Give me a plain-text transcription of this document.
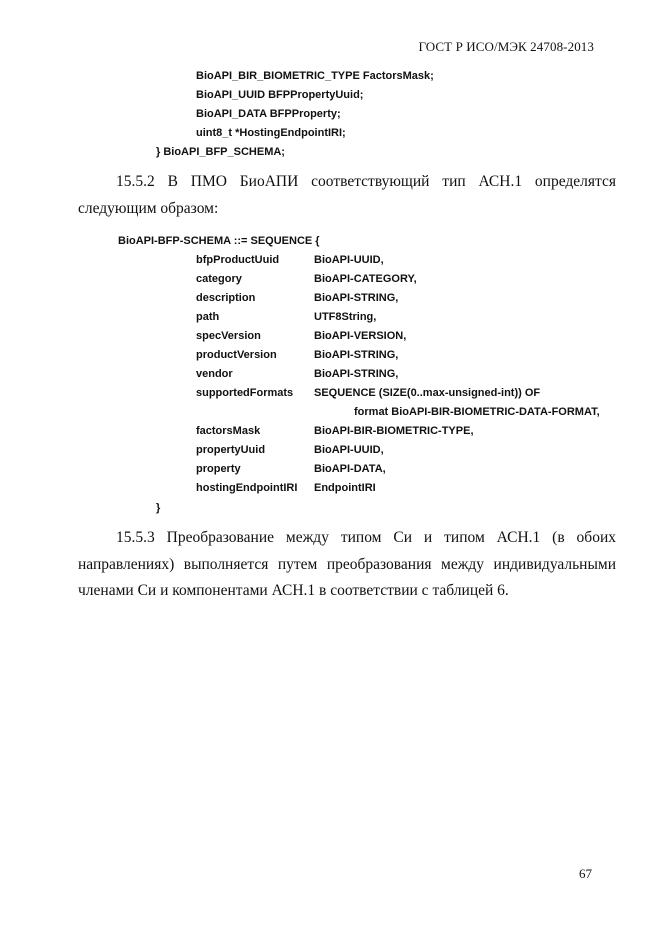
ГОСТ Р ИСО/МЭК 24708-2013
BioAPI_BIR_BIOMETRIC_TYPE FactorsMask;
BioAPI_UUID BFPPropertyUuid;
BioAPI_DATA BFPProperty;
uint8_t *HostingEndpointIRI;
} BioAPI_BFP_SCHEMA;
15.5.2 В ПМО БиоАПИ соответствующий тип АСН.1 определятся
следующим образом:
BioAPI-BFP-SCHEMA ::= SEQUENCE {
bfpProductUuid	BioAPI-UUID,
category	BioAPI-CATEGORY,
description	BioAPI-STRING,
path	UTF8String,
specVersion	BioAPI-VERSION,
productVersion	BioAPI-STRING,
vendor	BioAPI-STRING,
supportedFormats SEQUENCE (SIZE(0..max-unsigned-int)) OF
format BioAPI-BIR-BIOMETRIC-DATA-FORMAT,
factorsMask	BioAPI-BIR-BIOMETRIC-TYPE,
propertyUuid	BioAPI-UUID,
property	BioAPI-DATA,
hostingEndpointIRI EndpointIRI
}
15.5.3 Преобразование между типом Си и типом АСН.1 (в обоих
направлениях) выполняется путем преобразования между индивидуальными
членами Си и компонентами АСН.1 в соответствии с таблицей 6.
67
